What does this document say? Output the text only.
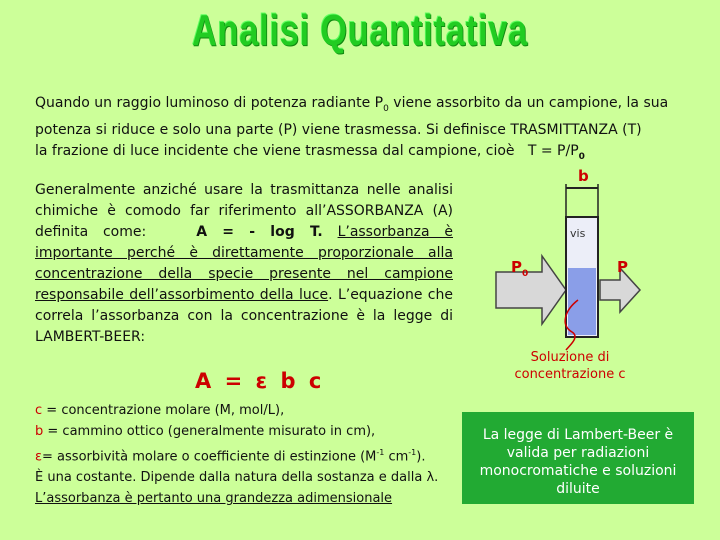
Analisi Quantitativa
Quando un raggio luminoso di potenza radiante $P_0$ viene assorbito da un campione, la sua
potenza si riduce e solo una parte (P) viene trasmessa. Si definisce TRASMITTANZA (T)
la frazione di luce incidente che viene trasmessa dal campione, cioè $T = P/P_0$
Generalmente anziché usare la trasmittanza nelle analisi chimiche è comodo far riferimento all’ASSORBANZA (A) definita come:	A = - log T. L’assorbanza è importante perché è direttamente proporzionale alla concentrazione della specie presente nel campione responsabile dell’assorbimento della luce. L’equazione che correla l’assorbanza con la concentrazione è la legge di LAMBERT-BEER:
A = ε b c
c = concentrazione molare (M, mol/L),
b = cammino ottico (generalmente misurato in cm),
ε= assorbività molare o coefficiente di estinzione ($M^{-1}$ $cm^{-1}$).
È una costante. Dipende dalla natura della sostanza e dalla λ.
L’assorbanza è pertanto una grandezza adimensionale
b
vis
$P_0$	P
Soluzione di concentrazione c
La legge di Lambert-Beer è valida per radiazioni monocromatiche e soluzioni diluite
